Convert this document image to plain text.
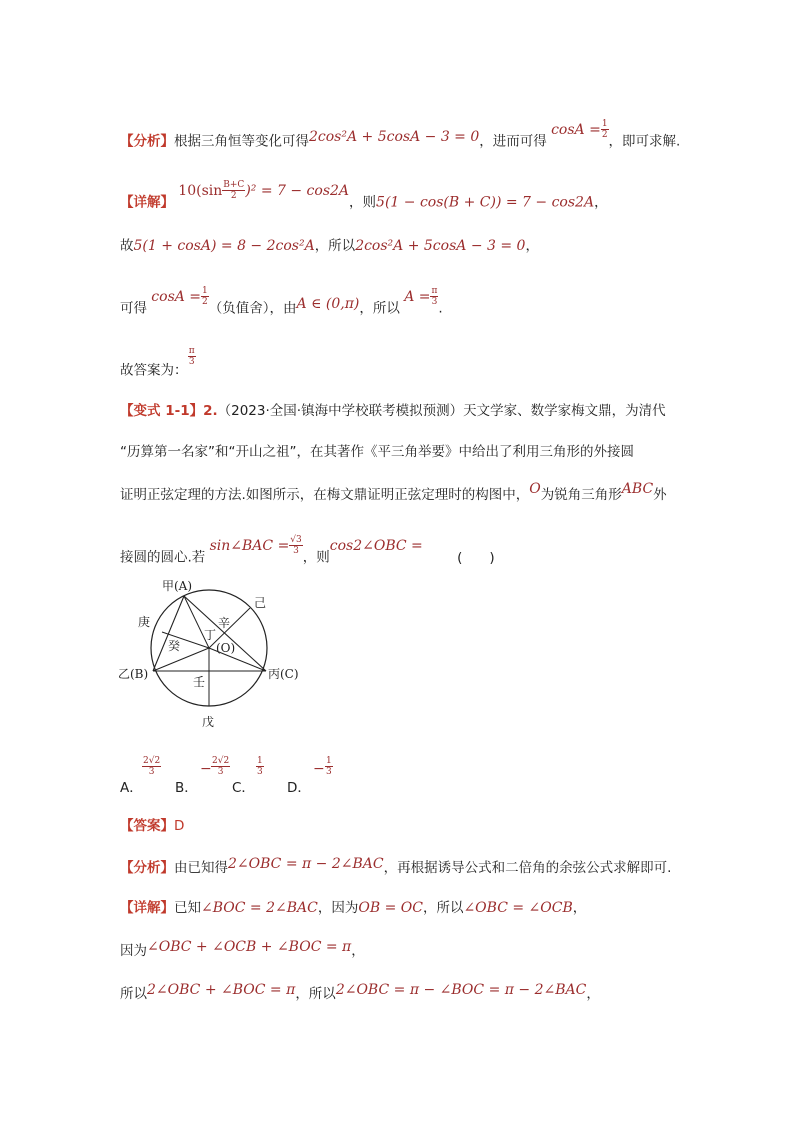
【分析】根据三角恒等变化可得2cos²A + 5cosA − 3 = 0，进而可得 $\cos A = \frac{1}{2}$
，即可求解.
【详解】 $10(\sin \frac{B+C}{2} )^2 = 7 - \cos 2A$，则5(1 − cos(B + C)) = 7 − cos2A，
故5(1 + cosA) = 8 − 2cos²A，所以2cos²A + 5cosA − 3 = 0，
可得 $\cos A = \frac{1}{2}$
（负值舍），由A ∈ (0,π)，所以 $A = \frac{\pi}{3}$
.
故答案为：
$\frac{\pi}{3}$
【变式 1-1】2.（2023·全国·镇海中学校联考模拟预测）天文学家、数学家梅文鼎，为清代
“历算第一名家”和“开山之祖”，在其著作《平三角举要》中给出了利用三角形的外接圆
证明正弦定理的方法.如图所示，在梅文鼎证明正弦定理时的构图中，O为锐角三角形ABC外
接圆的圆心.若 sin∠BAC = $\frac{√3}{3}$
，则cos2∠OBC = (　　)
甲(A)
己
庚	辛
丁
癸	(O)
乙(B)	丙(C)
壬
戊
A．
$\frac{2√2}{3}$
B．
− $\frac{2√2}{3}$
C．
$\frac{1}{3}$
D．
− $\frac{1}{3}$
【答案】D
【分析】由已知得2∠OBC = π − 2∠BAC，再根据诱导公式和二倍角的余弦公式求解即可.
【详解】已知∠BOC = 2∠BAC，因为OB = OC，所以∠OBC = ∠OCB，
因为∠OBC + ∠OCB + ∠BOC = π，
所以2∠OBC + ∠BOC = π，所以2∠OBC = π − ∠BOC = π − 2∠BAC，
